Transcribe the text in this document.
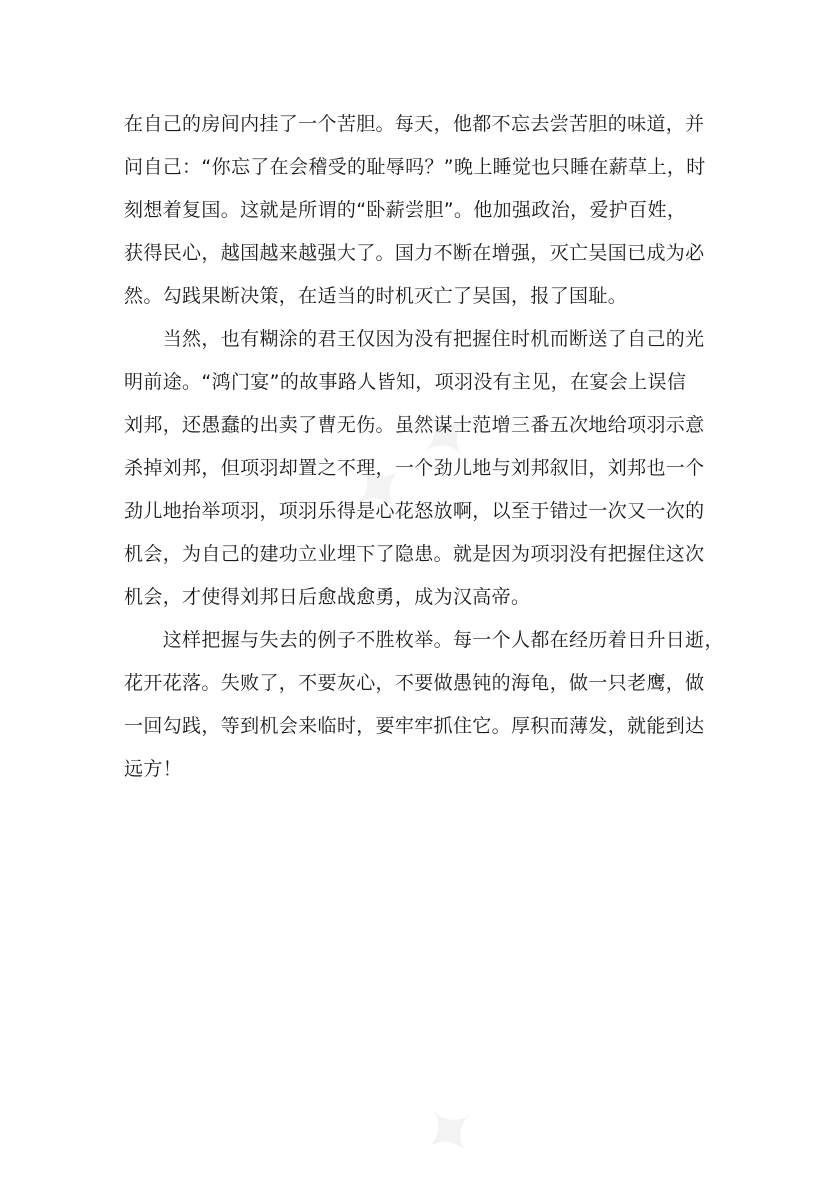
✦ ✦
✦
在自己的房间内挂了一个苦胆。每天，他都不忘去尝苦胆的味道，并
问自己：“你忘了在会稽受的耻辱吗？”晚上睡觉也只睡在薪草上，时
刻想着复国。这就是所谓的“卧薪尝胆”。他加强政治，爱护百姓，
获得民心，越国越来越强大了。国力不断在增强，灭亡吴国已成为必
然。勾践果断决策，在适当的时机灭亡了吴国，报了国耻。
　　当然，也有糊涂的君王仅因为没有把握住时机而断送了自己的光
明前途。“鸿门宴”的故事路人皆知，项羽没有主见，在宴会上误信
刘邦，还愚蠢的出卖了曹无伤。虽然谋士范增三番五次地给项羽示意
杀掉刘邦，但项羽却置之不理，一个劲儿地与刘邦叙旧，刘邦也一个
劲儿地抬举项羽，项羽乐得是心花怒放啊，以至于错过一次又一次的
机会，为自己的建功立业埋下了隐患。就是因为项羽没有把握住这次
机会，才使得刘邦日后愈战愈勇，成为汉高帝。
　　这样把握与失去的例子不胜枚举。每一个人都在经历着日升日逝，
花开花落。失败了，不要灰心，不要做愚钝的海龟，做一只老鹰，做
一回勾践，等到机会来临时，要牢牢抓住它。厚积而薄发，就能到达
远方！
